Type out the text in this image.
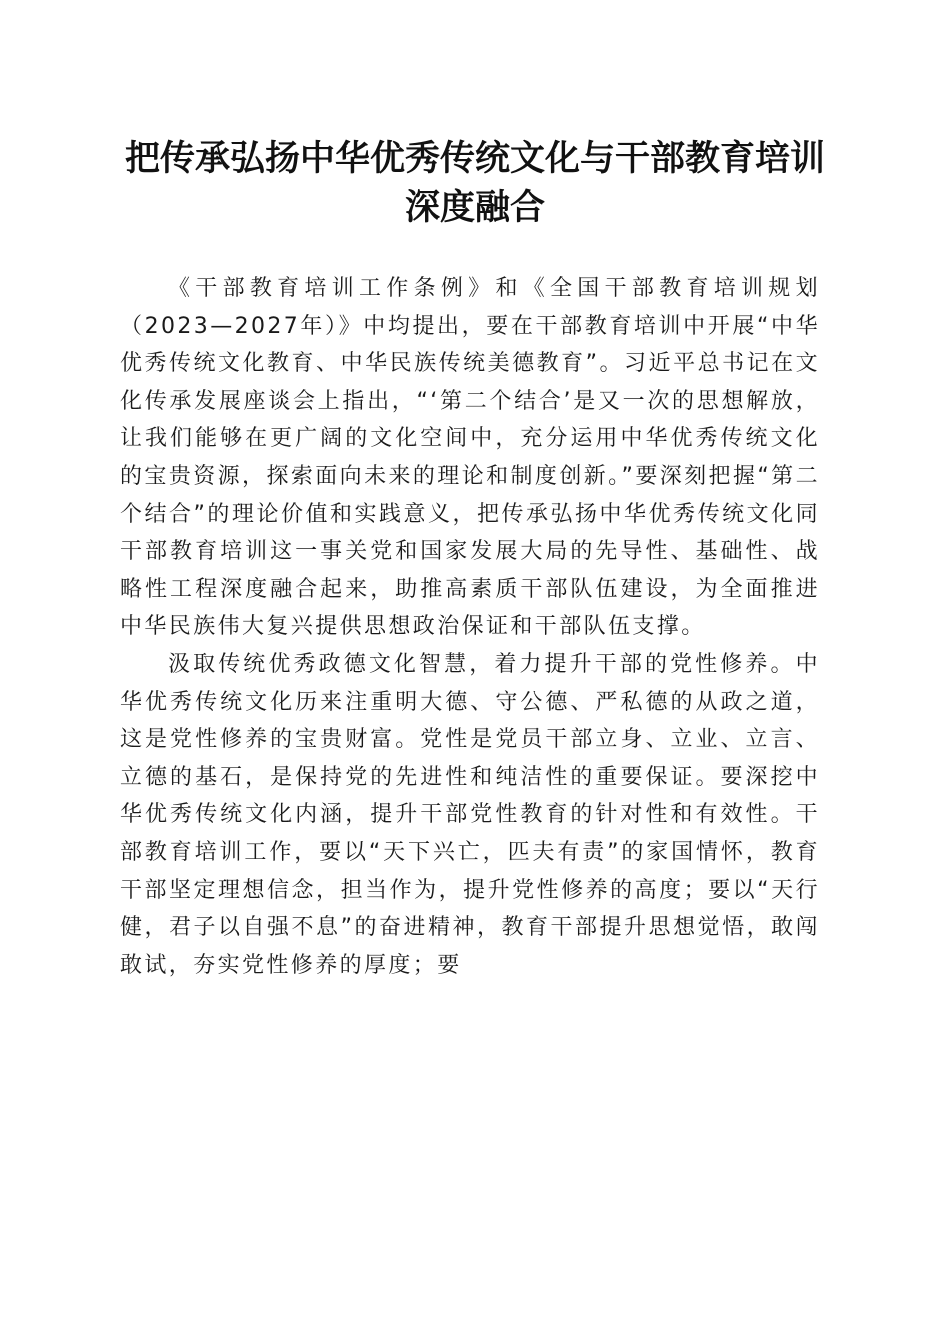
把传承弘扬中华优秀传统文化与干部教育培训
深度融合

《干部教育培训工作条例》和《全国干部教育培训规划（2023—2027年）》中均提出，要在干部教育培训中开展“中华优秀传统文化教育、中华民族传统美德教育”。习近平总书记在文化传承发展座谈会上指出，“‘第二个结合’是又一次的思想解放，让我们能够在更广阔的文化空间中，充分运用中华优秀传统文化的宝贵资源，探索面向未来的理论和制度创新。”要深刻把握“第二个结合”的理论价值和实践意义，把传承弘扬中华优秀传统文化同干部教育培训这一事关党和国家发展大局的先导性、基础性、战略性工程深度融合起来，助推高素质干部队伍建设，为全面推进中华民族伟大复兴提供思想政治保证和干部队伍支撑。

汲取传统优秀政德文化智慧，着力提升干部的党性修养。中华优秀传统文化历来注重明大德、守公德、严私德的从政之道，这是党性修养的宝贵财富。党性是党员干部立身、立业、立言、立德的基石，是保持党的先进性和纯洁性的重要保证。要深挖中华优秀传统文化内涵，提升干部党性教育的针对性和有效性。干部教育培训工作，要以“天下兴亡，匹夫有责”的家国情怀，教育干部坚定理想信念，担当作为，提升党性修养的高度；要以“天行健，君子以自强不息”的奋进精神，教育干部提升思想觉悟，敢闯敢试，夯实党性修养的厚度；要
